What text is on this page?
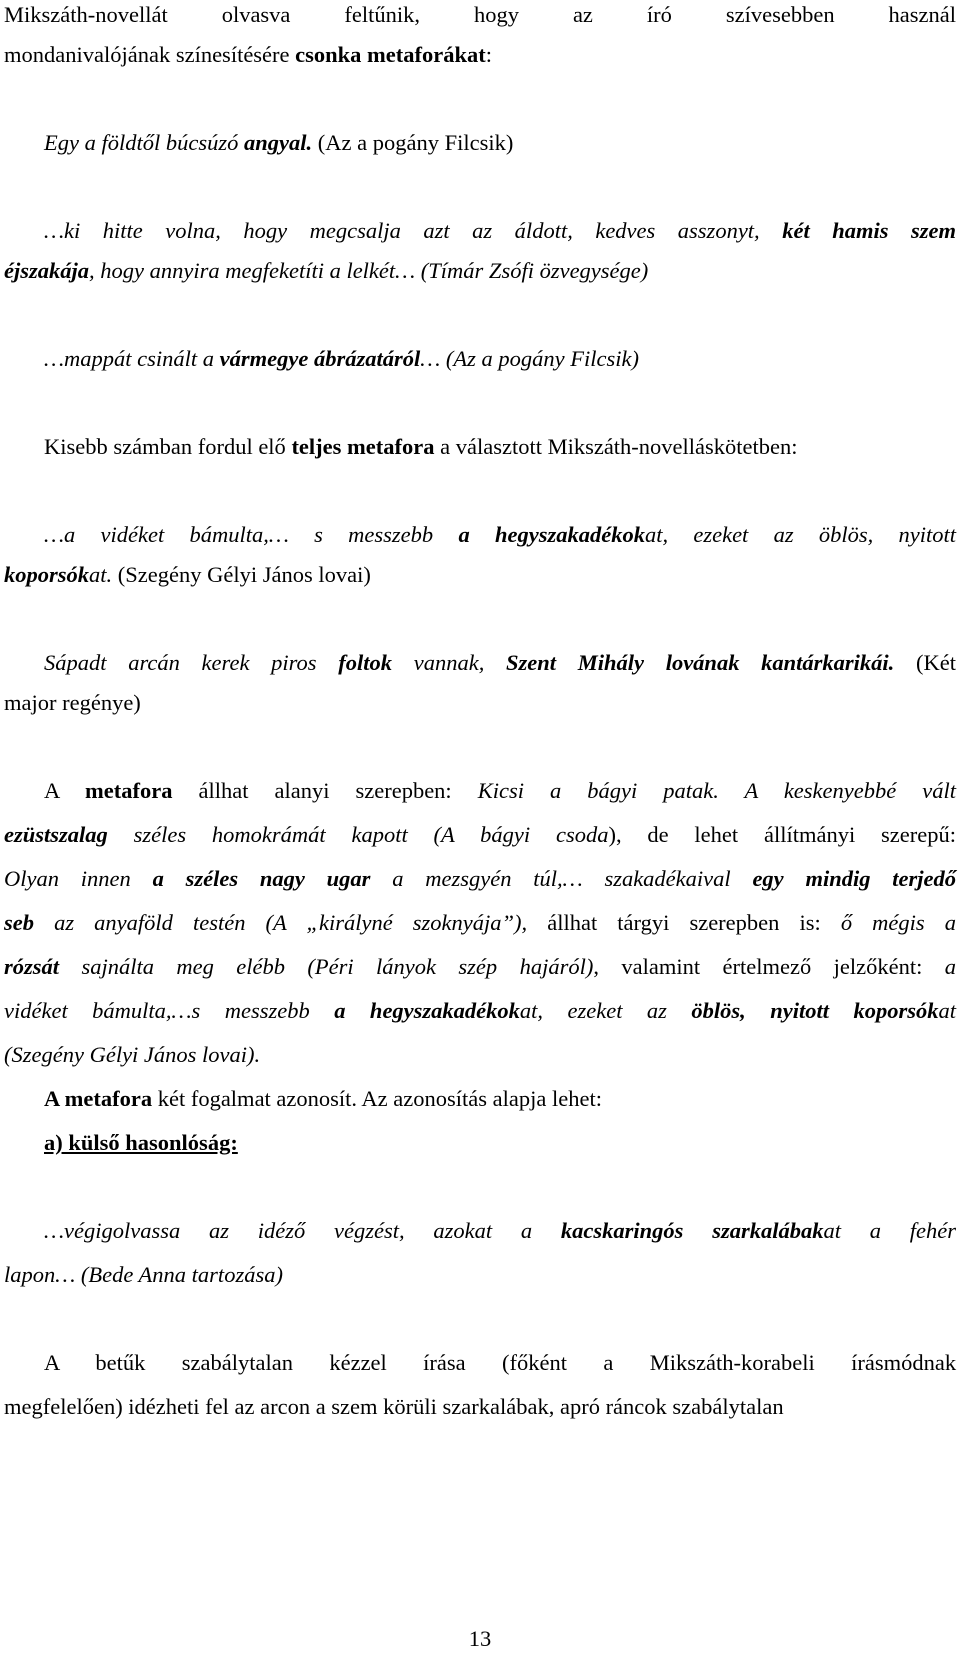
Mikszáth-novellát olvasva feltűnik, hogy az író szívesebben használ
mondanivalójának színesítésére csonka metaforákat:
Egy a földtől búcsúzó angyal. (Az a pogány Filcsik)
…ki hitte volna, hogy megcsalja azt az áldott, kedves asszonyt, két hamis szem
éjszakája, hogy annyira megfeketíti a lelkét… (Tímár Zsófi özvegysége)
…mappát csinált a vármegye ábrázatáról… (Az a pogány Filcsik)
Kisebb számban fordul elő teljes metafora a választott Mikszáth-novelláskötetben:
…a vidéket bámulta,… s messzebb a hegyszakadékokat, ezeket az öblös, nyitott
koporsókat. (Szegény Gélyi János lovai)
Sápadt arcán kerek piros foltok vannak, Szent Mihály lovának kantárkarikái. (Két
major regénye)
A metafora állhat alanyi szerepben: Kicsi a bágyi patak. A keskenyebbé vált
ezüstszalag széles homokrámát kapott (A bágyi csoda), de lehet állítmányi szerepű:
Olyan innen a széles nagy ugar a mezsgyén túl,… szakadékaival egy mindig terjedő
seb az anyaföld testén (A „királyné szoknyája”), állhat tárgyi szerepben is: ő mégis a
rózsát sajnálta meg elébb (Péri lányok szép hajáról), valamint értelmező jelzőként: a
vidéket bámulta,…s messzebb a hegyszakadékokat, ezeket az öblös, nyitott koporsókat
(Szegény Gélyi János lovai).
A metafora két fogalmat azonosít. Az azonosítás alapja lehet:
a) külső hasonlóság:
…végigolvassa az idéző végzést, azokat a kacskaringós szarkalábakat a fehér
lapon… (Bede Anna tartozása)
A betűk szabálytalan kézzel írása (főként a Mikszáth-korabeli írásmódnak
megfelelően) idézheti fel az arcon a szem körüli szarkalábak, apró ráncok szabálytalan
13
